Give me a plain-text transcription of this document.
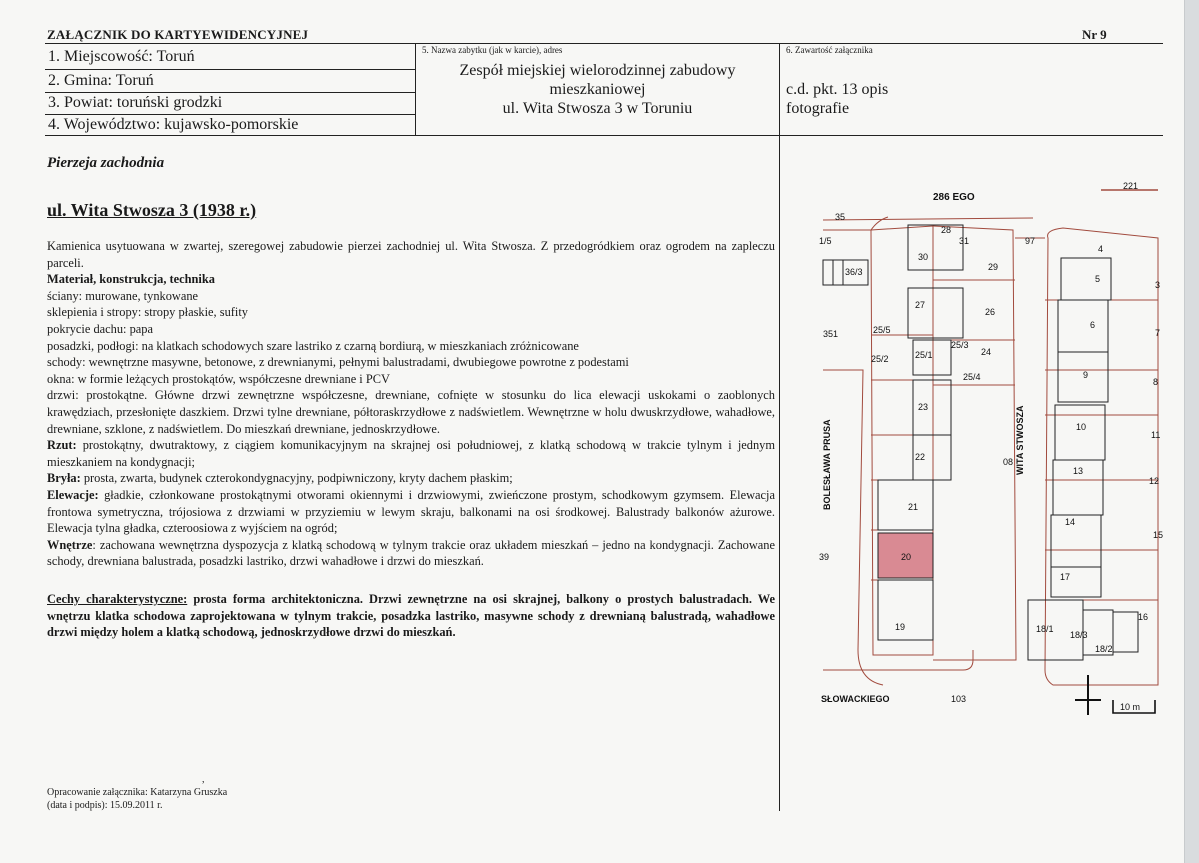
ZAŁĄCZNIK DO KARTYEWIDENCYJNEJ	Nr 9
1. Miejscowość: Toruń
2. Gmina: Toruń
3. Powiat: toruński grodzki
4. Województwo: kujawsko-pomorskie
5. Nazwa zabytku (jak w karcie), adres
Zespół miejskiej wielorodzinnej zabudowy
mieszkaniowej
ul. Wita Stwosza 3 w Toruniu
6. Zawartość załącznika
c.d. pkt. 13 opis
fotografie
Pierzeja zachodnia
ul. Wita Stwosza 3 (1938 r.)

Kamienica usytuowana w zwartej, szeregowej zabudowie pierzei zachodniej ul. Wita Stwosza. Z przedogródkiem oraz ogrodem na zapleczu parceli.

Materiał, konstrukcja, technika

ściany: murowane, tynkowane

sklepienia i stropy: stropy płaskie, sufity

pokrycie dachu: papa

posadzki, podłogi: na klatkach schodowych szare lastriko z czarną bordiurą, w mieszkaniach zróżnicowane

schody: wewnętrzne masywne, betonowe, z drewnianymi, pełnymi balustradami, dwubiegowe powrotne z podestami

okna: w formie leżących prostokątów, współczesne drewniane i PCV

drzwi: prostokątne. Główne drzwi zewnętrzne współczesne, drewniane, cofnięte w stosunku do lica elewacji uskokami o zaoblonych krawędziach, przesłonięte daszkiem. Drzwi tylne drewniane, półtoraskrzydłowe z nadświetlem. Wewnętrzne w holu dwuskrzydłowe, wahadłowe, drewniane, szklone, z nadświetlem. Do mieszkań drewniane, jednoskrzydłowe.

Rzut: prostokątny, dwutraktowy, z ciągiem komunikacyjnym na skrajnej osi południowej, z klatką schodową w trakcie tylnym i jednym mieszkaniem na kondygnacji;

Bryła: prosta, zwarta, budynek czterokondygnacyjny, podpiwniczony, kryty dachem płaskim;

Elewacje: gładkie, członkowane prostokątnymi otworami okiennymi i drzwiowymi, zwieńczone prostym, schodkowym gzymsem. Elewacja frontowa symetryczna, trójosiowa z drzwiami w przyziemiu w lewym skraju, balkonami na osi środkowej. Balustrady balkonów ażurowe. Elewacja tylna gładka, czteroosiowa z wyjściem na ogród;

Wnętrze: zachowana wewnętrzna dyspozycja z klatką schodową w tylnym trakcie oraz układem mieszkań – jedno na kondygnacji. Zachowane schody, drewniana balustrada, posadzki lastriko, drzwi wahadłowe i drzwi do mieszkań.

Cechy charakterystyczne: prosta forma architektoniczna. Drzwi zewnętrzne na osi skrajnej, balkony o prostych balustradach. We wnętrzu klatka schodowa zaprojektowana w tylnym trakcie, posadzka lastriko, masywne schody z drewnianą balustradą, wahadłowe drzwi między holem a klatką schodową, jednoskrzydłowe drzwi do mieszkań.
,
Opracowanie załącznika: Katarzyna Gruszka
(data i podpis): 15.09.2011 r.
286 EGO
221
BOLESŁAWA PRUSA	WITA STWOSZA
SŁOWACKIEGO	103
10 m
35
1/5
36/3
351
39
28
31
30
27
25/5
25/2	25/1
23
22
21
20
19
29
26
25/3
24
25/4
08
97
4
5
6
9
10
13
14
17
18/1
18/3
18/2
16
3
7
8
11
12
15
